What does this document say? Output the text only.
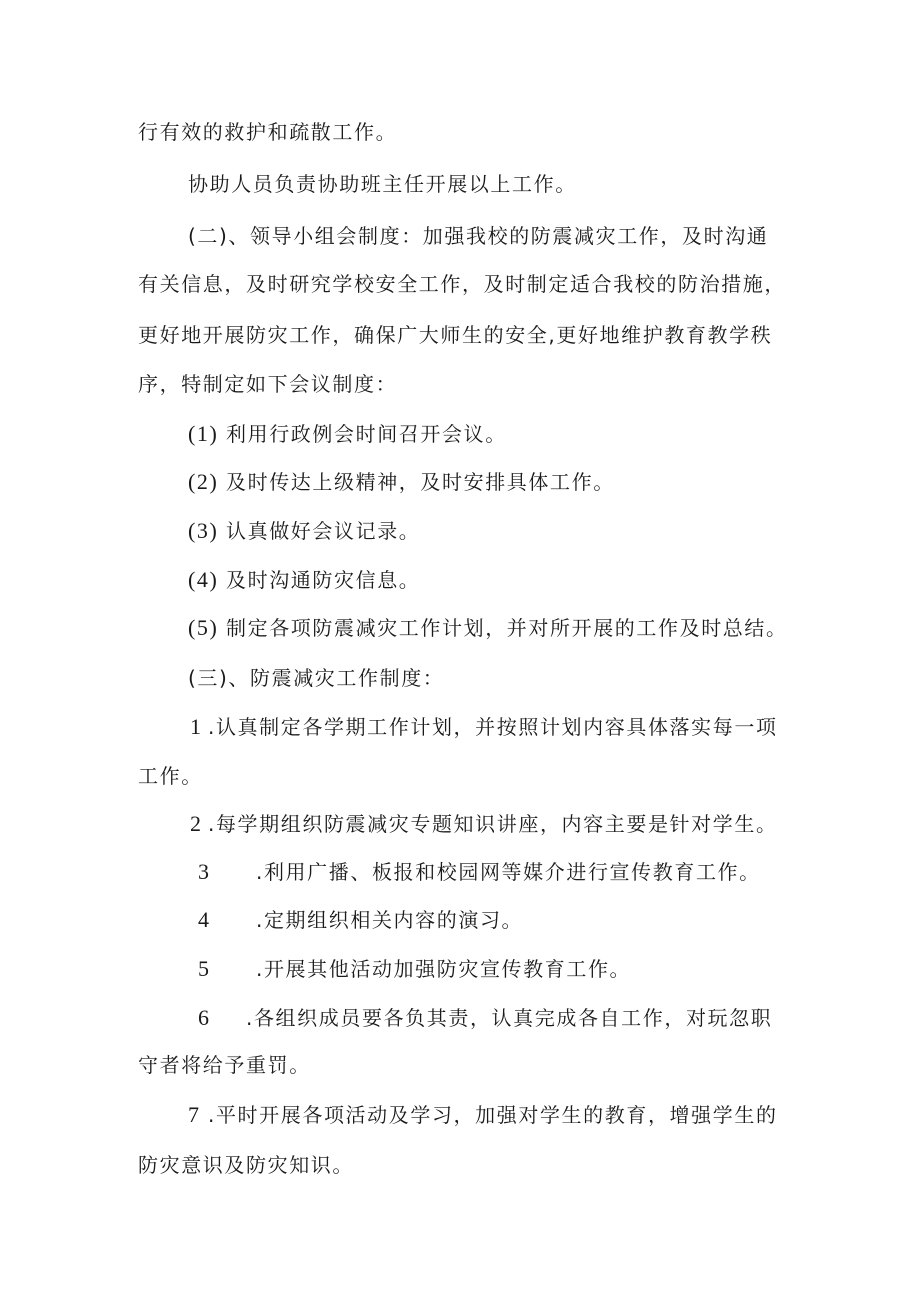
行有效的救护和疏散工作。
协助人员负责协助班主任开展以上工作。
(二)、领导小组会制度：加强我校的防震减灾工作，及时沟通
有关信息，及时研究学校安全工作，及时制定适合我校的防治措施，
更好地开展防灾工作，确保广大师生的安全,更好地维护教育教学秩
序，特制定如下会议制度：
(1) 利用行政例会时间召开会议。
(2) 及时传达上级精神，及时安排具体工作。
(3) 认真做好会议记录。
(4) 及时沟通防灾信息。
(5) 制定各项防震减灾工作计划，并对所开展的工作及时总结。
(三)、防震减灾工作制度：
1 .认真制定各学期工作计划，并按照计划内容具体落实每一项
工作。
2 .每学期组织防震减灾专题知识讲座，内容主要是针对学生。
3 .利用广播、板报和校园网等媒介进行宣传教育工作。
4 .定期组织相关内容的演习。
5 .开展其他活动加强防灾宣传教育工作。
6 .各组织成员要各负其责，认真完成各自工作，对玩忽职
守者将给予重罚。
7 .平时开展各项活动及学习，加强对学生的教育，增强学生的
防灾意识及防灾知识。
